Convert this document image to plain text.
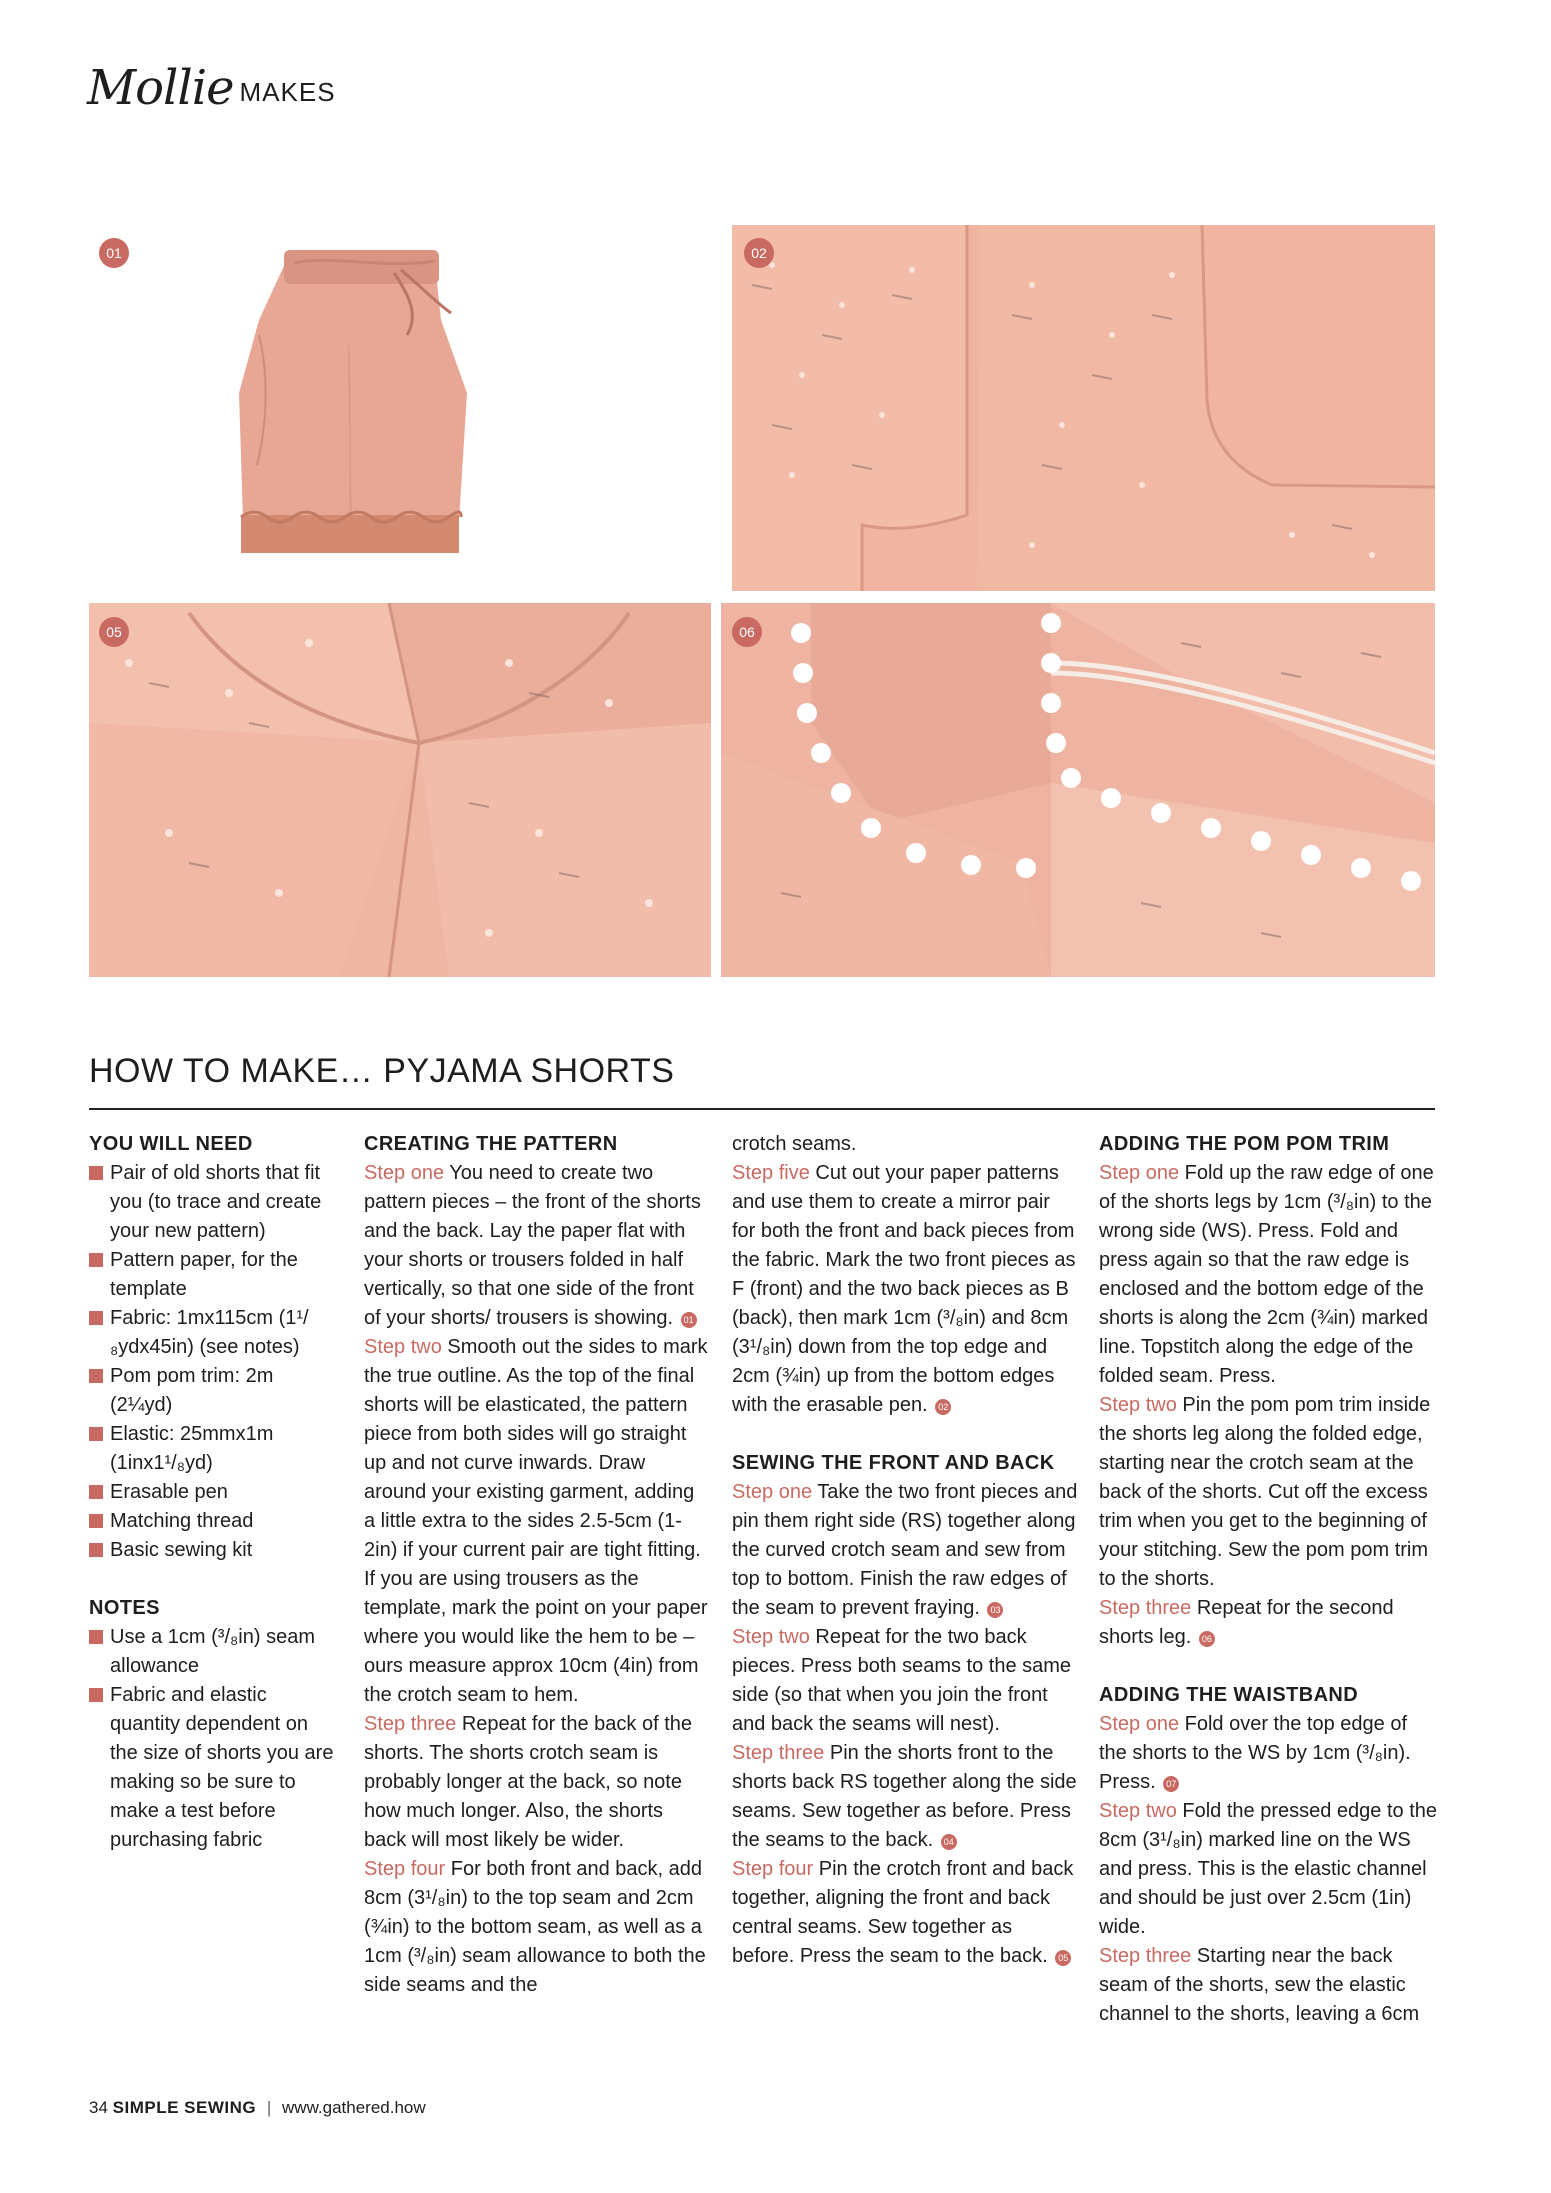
Mollie MAKES
01	02
05	06
HOW TO MAKE… PYJAMA SHORTS
YOU WILL NEED
Pair of old shorts that fit you (to trace and create your new pattern)
Pattern paper, for the template
Fabric: 1mx115cm (1¹/₈ydx45in) (see notes)
Pom pom trim: 2m (2¼yd)
Elastic: 25mmx1m (1inx1¹/₈yd)
Erasable pen
Matching thread
Basic sewing kit
NOTES
Use a 1cm (³/₈in) seam allowance
Fabric and elastic quantity dependent on the size of shorts you are making so be sure to make a test before purchasing fabric
CREATING THE PATTERN

Step one You need to create two pattern pieces – the front of the shorts and the back. Lay the paper flat with your shorts or trousers folded in half vertically, so that one side of the front of your shorts/ trousers is showing. 01

Step two Smooth out the sides to mark the true outline. As the top of the final shorts will be elasticated, the pattern piece from both sides will go straight up and not curve inwards. Draw around your existing garment, adding a little extra to the sides 2.5-5cm (1-2in) if your current pair are tight fitting. If you are using trousers as the template, mark the point on your paper where you would like the hem to be – ours measure approx 10cm (4in) from the crotch seam to hem.

Step three Repeat for the back of the shorts. The shorts crotch seam is probably longer at the back, so note how much longer. Also, the shorts back will most likely be wider.

Step four For both front and back, add 8cm (3¹/₈in) to the top seam and 2cm (¾in) to the bottom seam, as well as a 1cm (³/₈in) seam allowance to both the side seams and the

crotch seams.

Step five Cut out your paper patterns and use them to create a mirror pair for both the front and back pieces from the fabric. Mark the two front pieces as F (front) and the two back pieces as B (back), then mark 1cm (³/₈in) and 8cm (3¹/₈in) down from the top edge and 2cm (¾in) up from the bottom edges with the erasable pen. 02

SEWING THE FRONT AND BACK

Step one Take the two front pieces and pin them right side (RS) together along the curved crotch seam and sew from top to bottom. Finish the raw edges of the seam to prevent fraying. 03

Step two Repeat for the two back pieces. Press both seams to the same side (so that when you join the front and back the seams will nest).

Step three Pin the shorts front to the shorts back RS together along the side seams. Sew together as before. Press the seams to the back. 04

Step four Pin the crotch front and back together, aligning the front and back central seams. Sew together as before. Press the seam to the back. 05

ADDING THE POM POM TRIM

Step one Fold up the raw edge of one of the shorts legs by 1cm (³/₈in) to the wrong side (WS). Press. Fold and press again so that the raw edge is enclosed and the bottom edge of the shorts is along the 2cm (¾in) marked line. Topstitch along the edge of the folded seam. Press.

Step two Pin the pom pom trim inside the shorts leg along the folded edge, starting near the crotch seam at the back of the shorts. Cut off the excess trim when you get to the beginning of your stitching. Sew the pom pom trim to the shorts.

Step three Repeat for the second shorts leg. 06

ADDING THE WAISTBAND

Step one Fold over the top edge of the shorts to the WS by 1cm (³/₈in). Press. 07

Step two Fold the pressed edge to the 8cm (3¹/₈in) marked line on the WS and press. This is the elastic channel and should be just over 2.5cm (1in) wide.

Step three Starting near the back seam of the shorts, sew the elastic channel to the shorts, leaving a 6cm

34 SIMPLE SEWING | www.gathered.how
